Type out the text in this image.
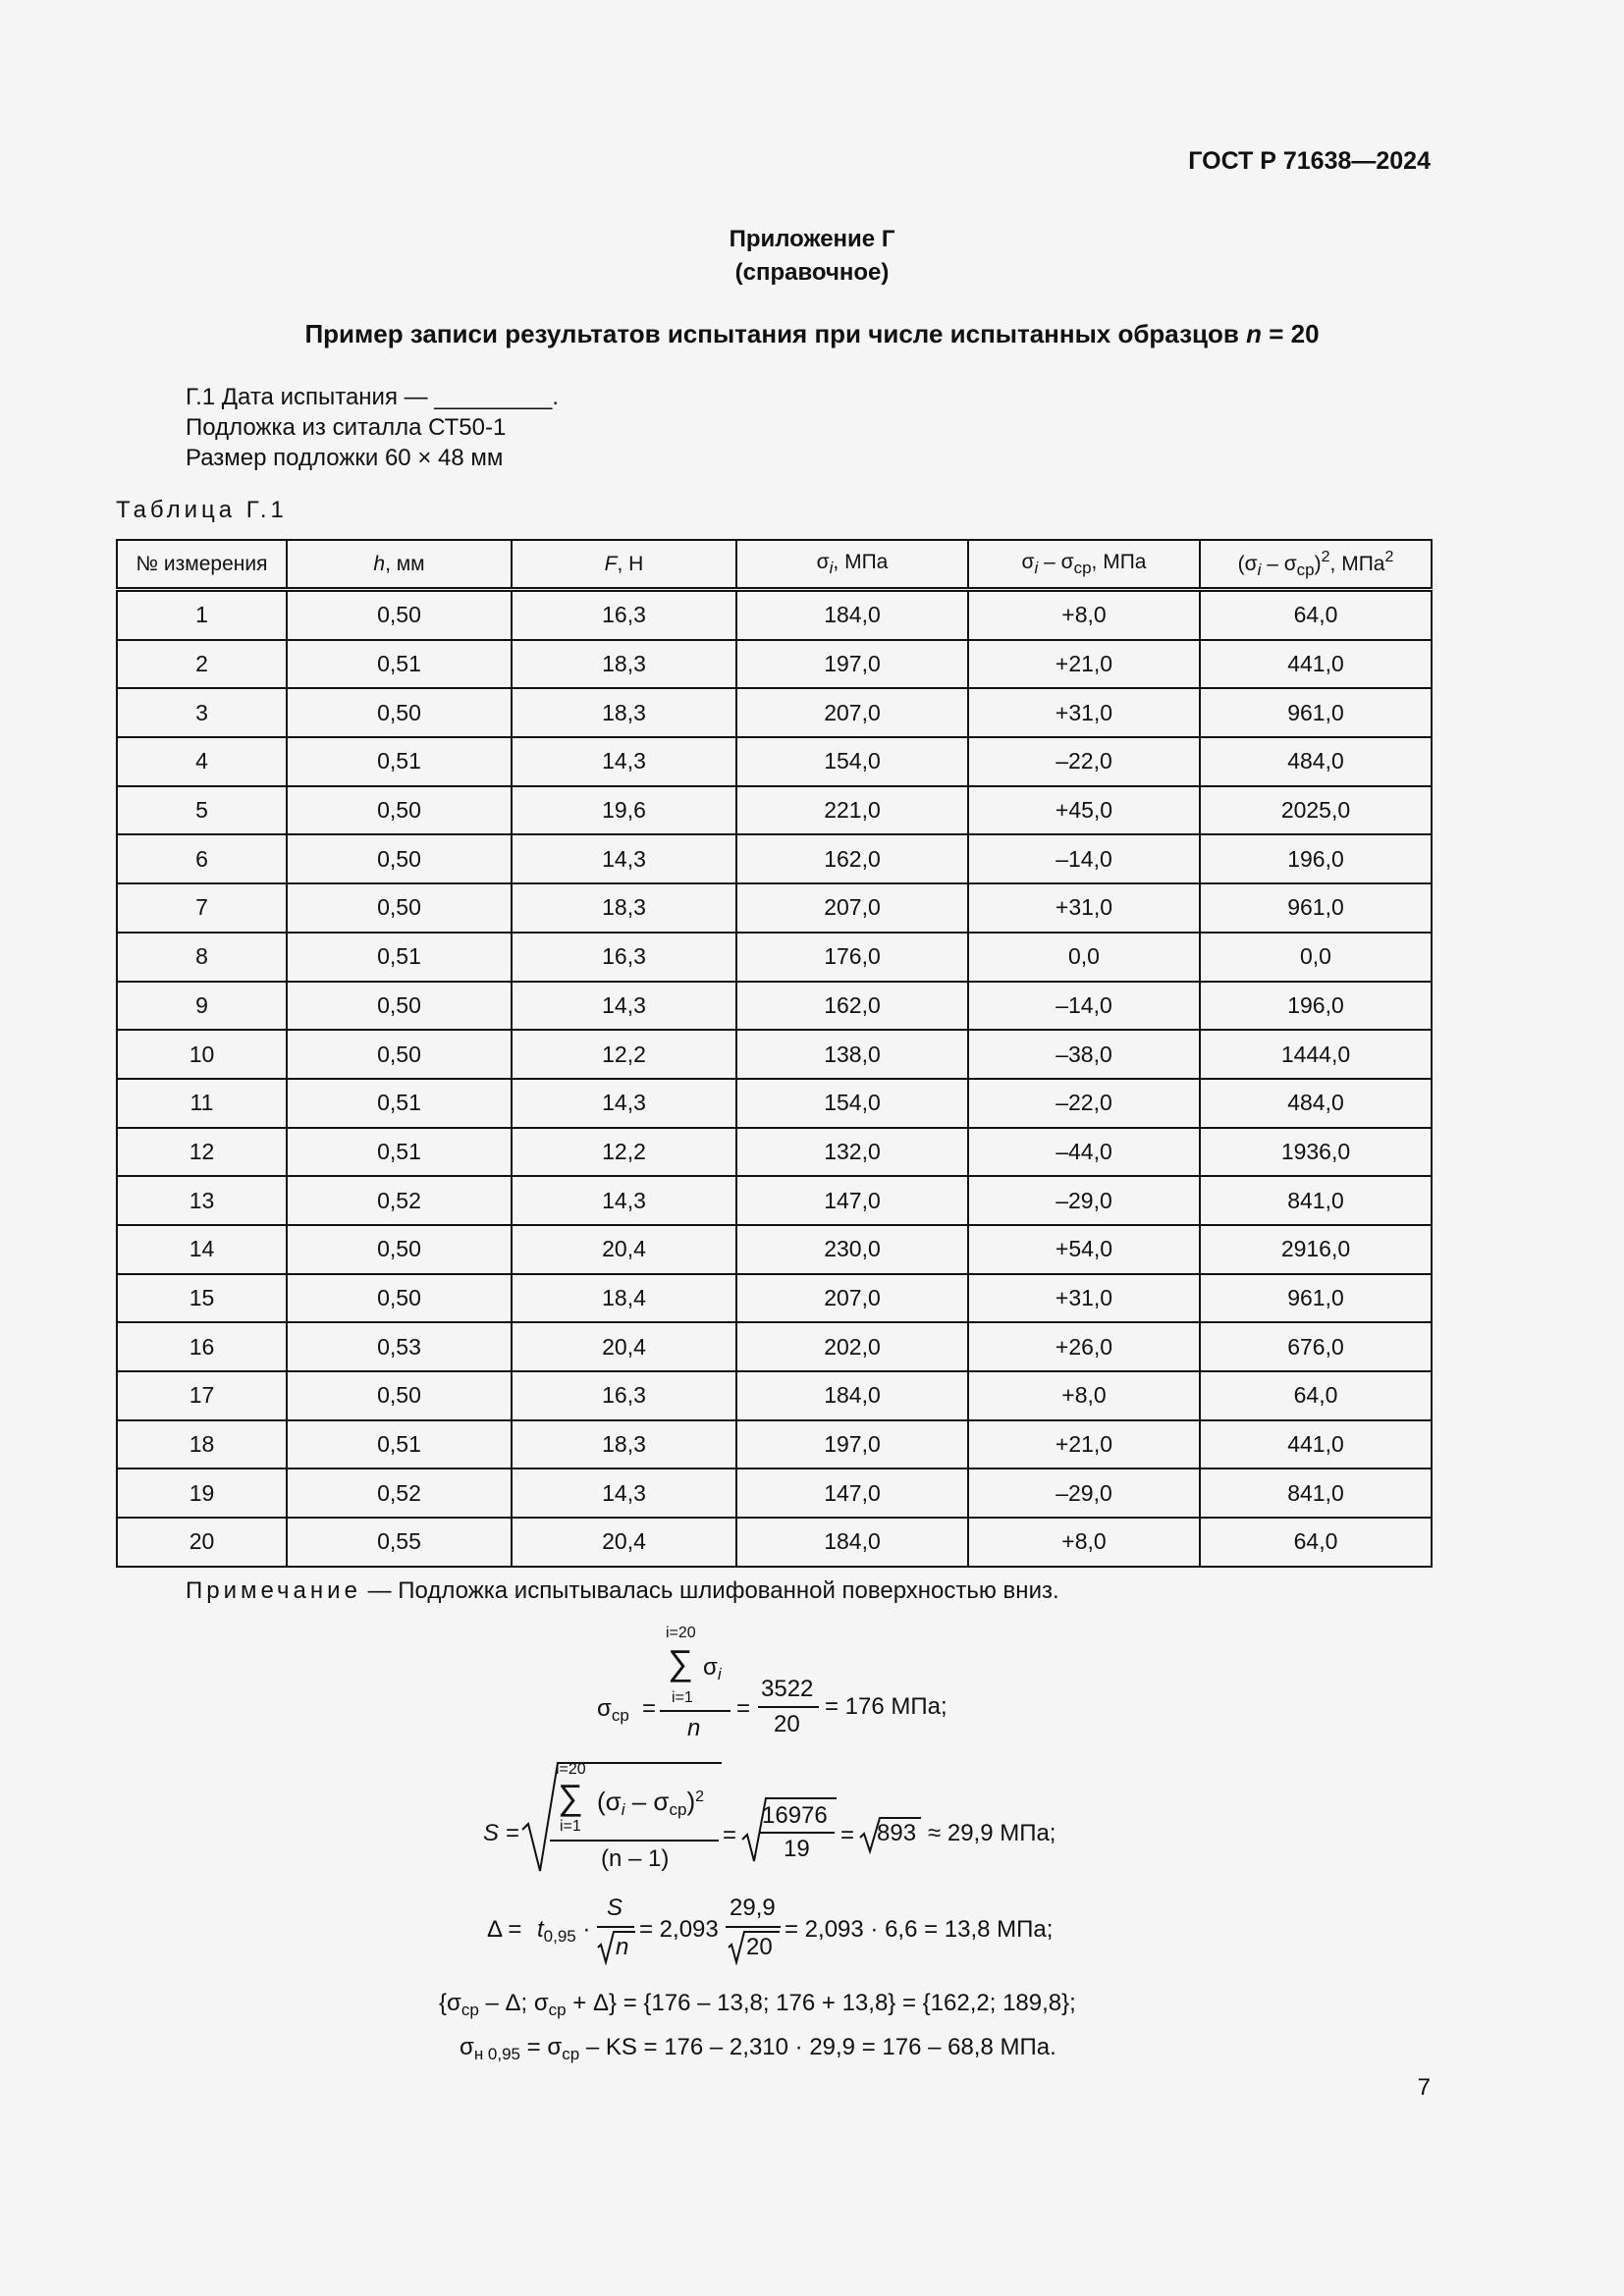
ГОСТ Р 71638—2024
Приложение Г
(справочное)
Пример записи результатов испытания при числе испытанных образцов n = 20
Г.1 Дата испытания — _________.
Подложка из ситалла СТ50-1
Размер подложки 60 × 48 мм
Таблица Г.1
№ измерения	h, мм	F, Н	$\sigma_i$, МПа	$\sigma_i - \sigma_{ср}$, МПа	$(\sigma_i - \sigma_{ср})^2$, МПа$^2$
1	0,50	16,3	184,0	+8,0	64,0
2	0,51	18,3	197,0	+21,0	441,0
3	0,50	18,3	207,0	+31,0	961,0
4	0,51	14,3	154,0	–22,0	484,0
5	0,50	19,6	221,0	+45,0	2025,0
6	0,50	14,3	162,0	–14,0	196,0
7	0,50	18,3	207,0	+31,0	961,0
8	0,51	16,3	176,0	0,0	0,0
9	0,50	14,3	162,0	–14,0	196,0
10	0,50	12,2	138,0	–38,0	1444,0
11	0,51	14,3	154,0	–22,0	484,0
12	0,51	12,2	132,0	–44,0	1936,0
13	0,52	14,3	147,0	–29,0	841,0
14	0,50	20,4	230,0	+54,0	2916,0
15	0,50	18,4	207,0	+31,0	961,0
16	0,53	20,4	202,0	+26,0	676,0
17	0,50	16,3	184,0	+8,0	64,0
18	0,51	18,3	197,0	+21,0	441,0
19	0,52	14,3	147,0	–29,0	841,0
20	0,55	20,4	184,0	+8,0	64,0
Примечание — Подложка испытывалась шлифованной поверхностью вниз.
$\sigma_{ср}$ =
i=20
∑ $\sigma_i$
i=1
n
=
3522
20
= 176 МПа;
S =
i=20
∑
i=1
$(\sigma_i - \sigma_{ср})^2$
(n – 1)
=
16976
19
= 893 ≈ 29,9 МПа;
$\Delta = t_{0,95}$ ·
S
n
= 2,093
29,9
20
= 2,093 · 6,6 = 13,8 МПа;
{$\sigma_{ср}$ – Δ; $\sigma_{ср} + \Delta\} = \{176 - 13,8$; 176 + 13,8} = {162,2; 189,8};
$\sigma_{н 0,95} = \sigma_{ср}$ – KS = 176 – 2,310 · 29,9 = 176 – 68,8 МПа.
7
